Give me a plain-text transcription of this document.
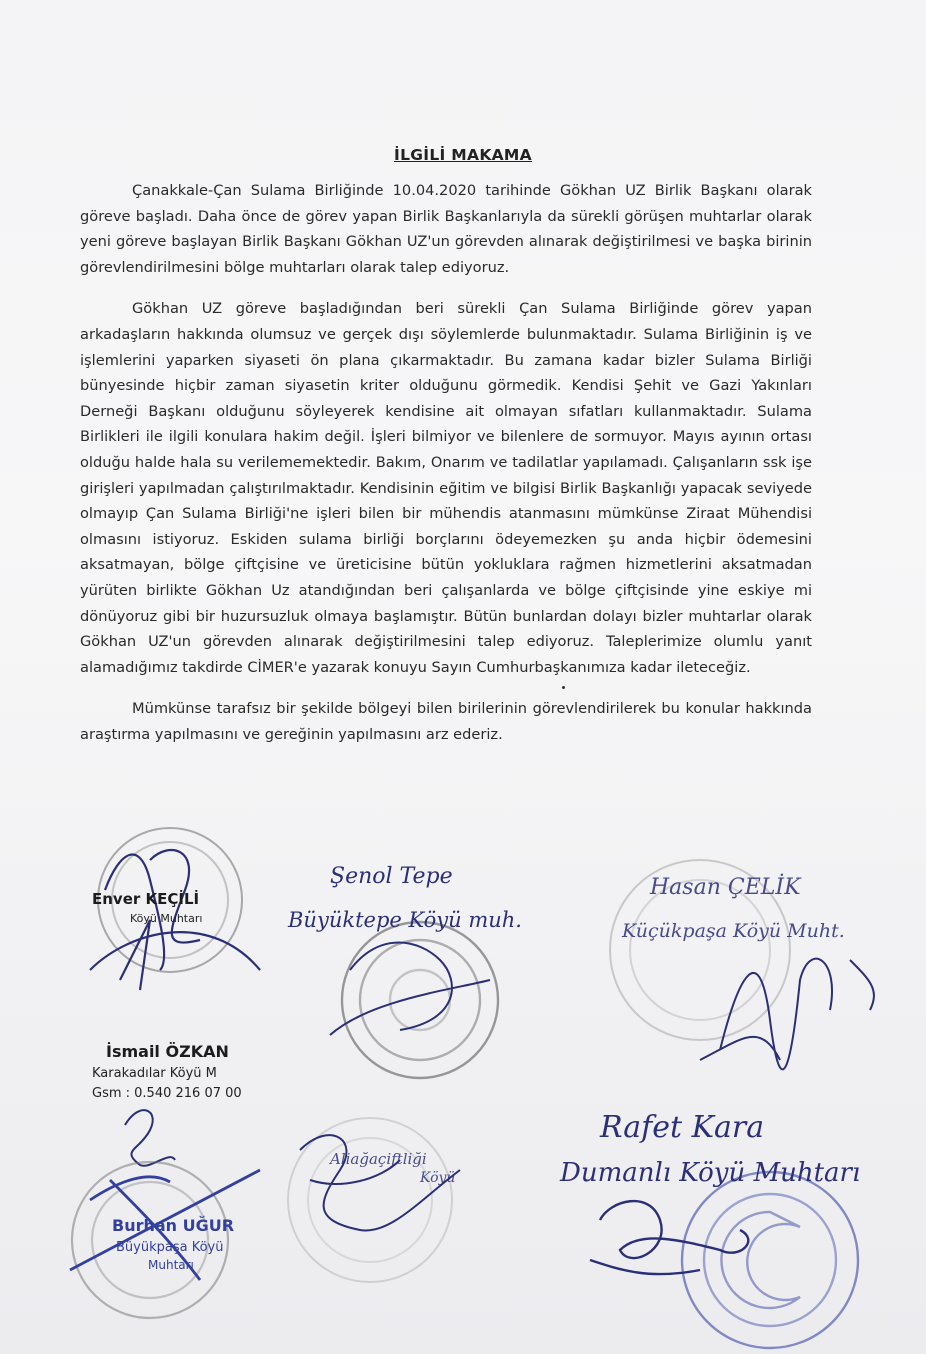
İLGİLİ MAKAMA

Çanakkale-Çan Sulama Birliğinde 10.04.2020 tarihinde Gökhan UZ Birlik Başkanı olarak göreve başladı. Daha önce de görev yapan Birlik Başkanlarıyla da sürekli görüşen muhtarlar olarak yeni göreve başlayan Birlik Başkanı Gökhan UZ'un görevden alınarak değiştirilmesi ve başka birinin görevlendirilmesini bölge muhtarları olarak talep ediyoruz.

Gökhan UZ göreve başladığından beri sürekli Çan Sulama Birliğinde görev yapan arkadaşların hakkında olumsuz ve gerçek dışı söylemlerde bulunmaktadır. Sulama Birliğinin iş ve işlemlerini yaparken siyaseti ön plana çıkarmaktadır. Bu zamana kadar bizler Sulama Birliği bünyesinde hiçbir zaman siyasetin kriter olduğunu görmedik. Kendisi Şehit ve Gazi Yakınları Derneği Başkanı olduğunu söyleyerek kendisine ait olmayan sıfatları kullanmaktadır. Sulama Birlikleri ile ilgili konulara hakim değil. İşleri bilmiyor ve bilenlere de sormuyor. Mayıs ayının ortası olduğu halde hala su verilememektedir. Bakım, Onarım ve tadilatlar yapılamadı. Çalışanların ssk işe girişleri yapılmadan çalıştırılmaktadır. Kendisinin eğitim ve bilgisi Birlik Başkanlığı yapacak seviyede olmayıp Çan Sulama Birliği'ne işleri bilen bir mühendis atanmasını mümkünse Ziraat Mühendisi olmasını istiyoruz. Eskiden sulama birliği borçlarını ödeyemezken şu anda hiçbir ödemesini aksatmayan, bölge çiftçisine ve üreticisine bütün yokluklara rağmen hizmetlerini aksatmadan yürüten birlikte Gökhan Uz atandığından beri çalışanlarda ve bölge çiftçisinde yine eskiye mi dönüyoruz gibi bir huzursuzluk olmaya başlamıştır. Bütün bunlardan dolayı bizler muhtarlar olarak Gökhan UZ'un görevden alınarak değiştirilmesini talep ediyoruz. Taleplerimize olumlu yanıt alamadığımız takdirde CİMER'e yazarak konuyu Sayın Cumhurbaşkanımıza kadar ileteceğiz.

Mümkünse tarafsız bir şekilde bölgeyi bilen birilerinin görevlendirilerek bu konular hakkında araştırma yapılmasını ve gereğinin yapılmasını arz ederiz.

Enver KEÇİLİ
Köyü Muhtarı
Şenol Tepe
Büyüktepe Köyü muh.
Hasan ÇELİK
Küçükpaşa Köyü Muht.
İsmail ÖZKAN
Karakadılar Köyü M
Gsm : 0.540 216 07 00
Aliağaçiftliği
Köyü
Rafet Kara
Dumanlı Köyü Muhtarı
Burhan UĞUR
Büyükpaşa Köyü
Muhtarı
